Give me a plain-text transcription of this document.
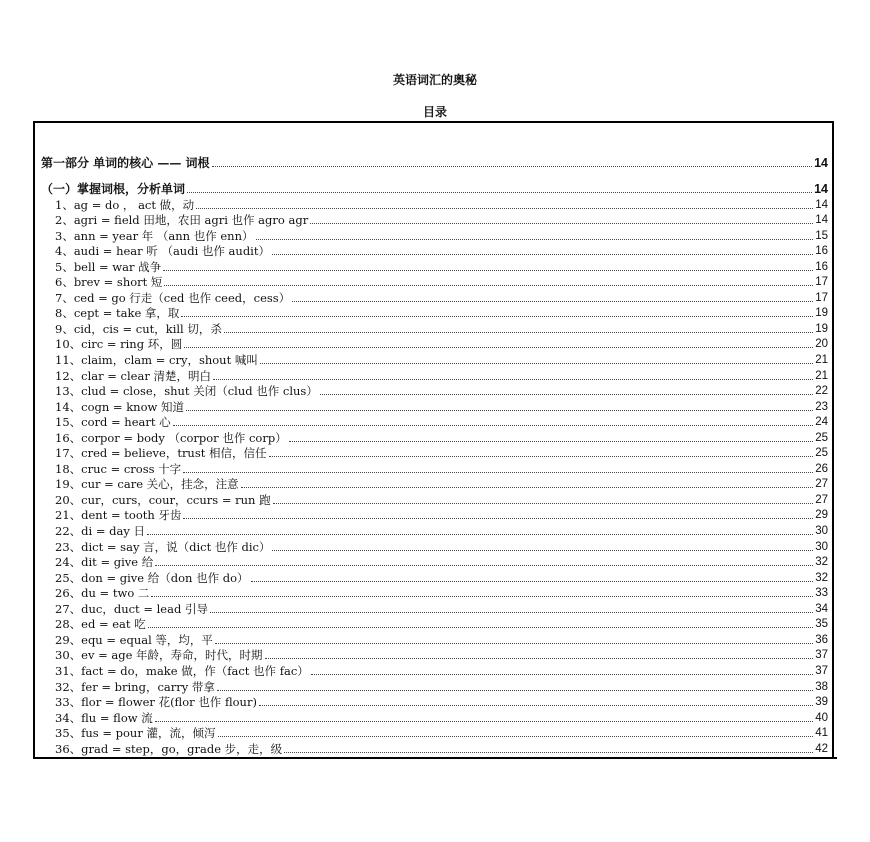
英语词汇的奥秘
目录
第一部分 单词的核心 —— 词根	14
（一）掌握词根，分析单词	14
1、ag = do ， act 做，动	14
2、agri = field 田地，农田 agri 也作 agro agr	14
3、ann = year 年 （ann 也作 enn）	15
4、audi = hear 听 （audi 也作 audit）	16
5、bell = war 战争	16
6、brev = short 短	17
7、ced = go 行走（ced 也作 ceed，cess）	17
8、cept = take 拿，取	19
9、cid，cis = cut，kill 切，杀	19
10、circ = ring 环，圆	20
11、claim，clam = cry，shout 喊叫	21
12、clar = clear 清楚，明白	21
13、clud = close，shut 关闭（clud 也作 clus）	22
14、cogn = know 知道	23
15、cord = heart 心	24
16、corpor = body （corpor 也作 corp）	25
17、cred = believe，trust 相信，信任	25
18、cruc = cross 十字	26
19、cur = care 关心，挂念，注意	27
20、cur，curs，cour，ccurs = run 跑	27
21、dent = tooth 牙齿	29
22、di = day 日	30
23、dict = say 言，说（dict 也作 dic）	30
24、dit = give 给	32
25、don = give 给（don 也作 do）	32
26、du = two 二	33
27、duc，duct = lead 引导	34
28、ed = eat 吃	35
29、equ = equal 等，均，平	36
30、ev = age 年龄，寿命，时代，时期	37
31、fact = do，make 做，作（fact 也作 fac）	37
32、fer = bring，carry 带拿	38
33、flor = flower 花(flor 也作 flour)	39
34、flu = flow 流	40
35、fus = pour 灌，流，倾泻	41
36、grad = step，go，grade 步，走，级	42
